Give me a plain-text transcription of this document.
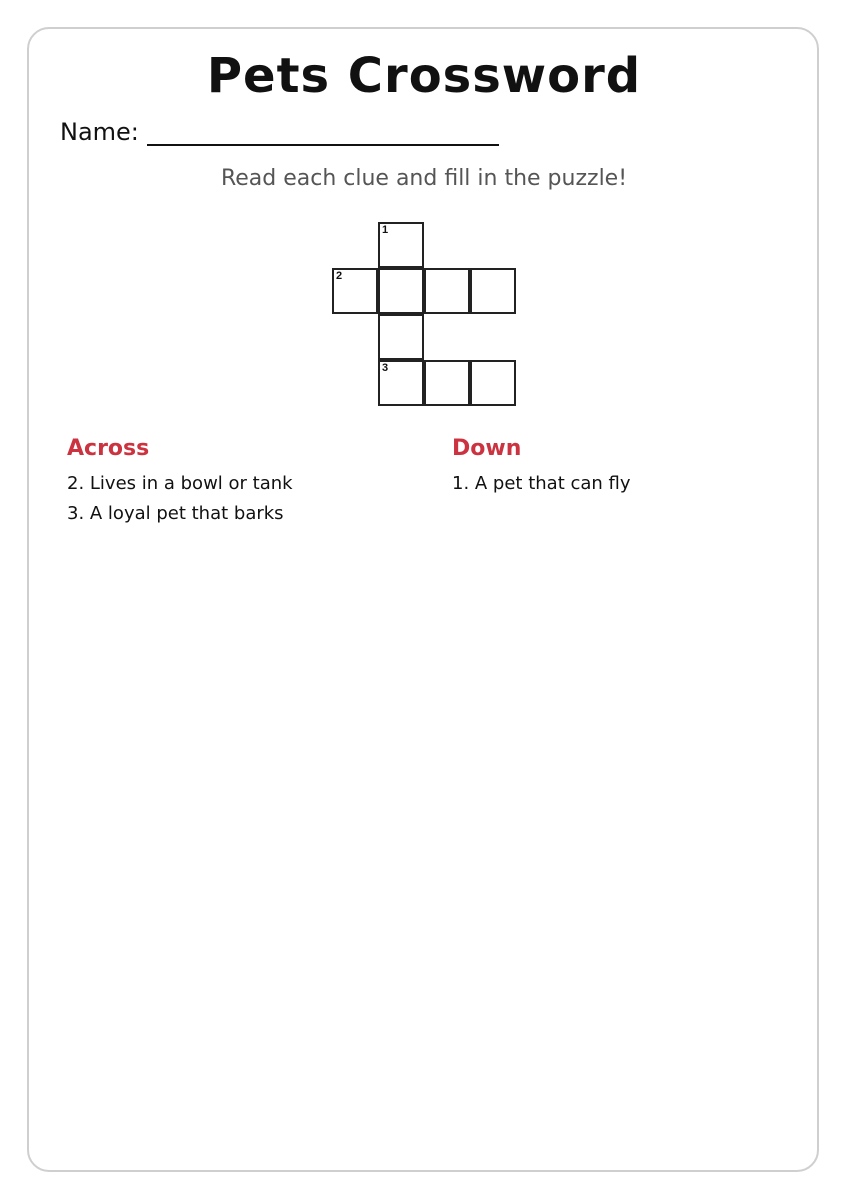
Pets Crossword
Name:
Read each clue and fill in the puzzle!
1
2
3
Across
2. Lives in a bowl or tank
3. A loyal pet that barks
Down
1. A pet that can fly
